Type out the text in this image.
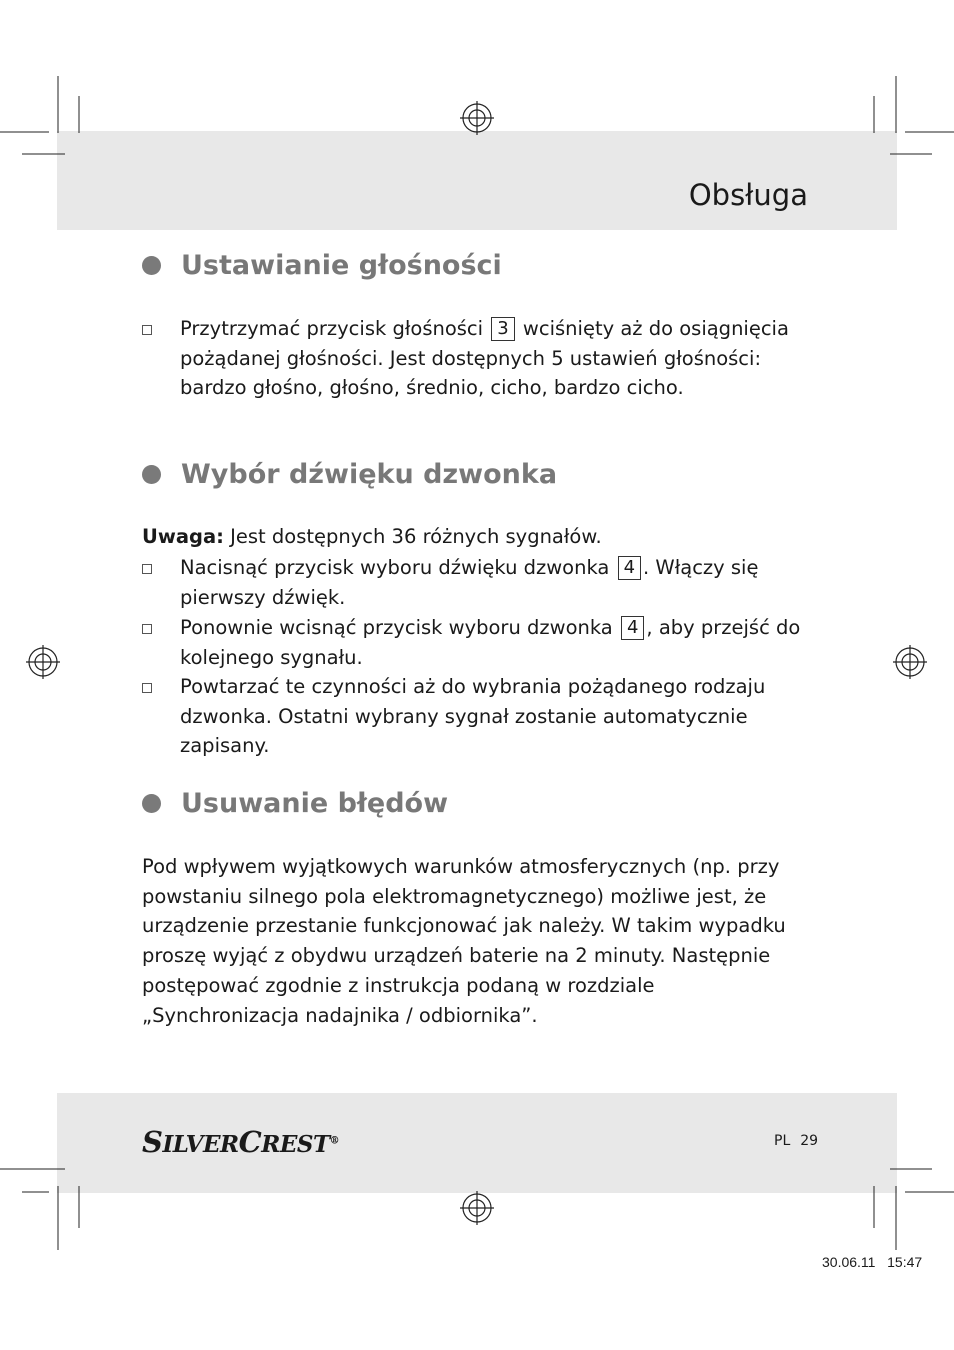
Obsługa
Ustawianie głośności
Przytrzymać przycisk głośności 3 wciśnięty aż do osiągnięcia pożądanej głośności. Jest dostępnych 5 ustawień głośności: bardzo głośno, głośno, średnio, cicho, bardzo cicho.
Wybór dźwięku dzwonka

Uwaga: Jest dostępnych 36 różnych sygnałów.

Nacisnąć przycisk wyboru dźwięku dzwonka 4 . Włączy się pierwszy dźwięk.
Ponownie wcisnąć przycisk wyboru dzwonka 4 , aby przejść do kolejnego sygnału.
Powtarzać te czynności aż do wybrania pożądanego rodzaju dzwonka. Ostatni wybrany sygnał zostanie automatycznie zapisany.
Usuwanie błędów

Pod wpływem wyjątkowych warunków atmosferycznych (np. przy powstaniu silnego pola elektromagnetycznego) możliwe jest, że urządzenie przestanie funkcjonować jak należy. W takim wypadku proszę wyjąć z obydwu urządzeń baterie na 2 minuty. Następnie postępować zgodnie z instrukcja podaną w rozdziale „Synchronizacja nadajnika / odbiornika”.

SILVERCREST®	PL 29
30.06.11   15:47
